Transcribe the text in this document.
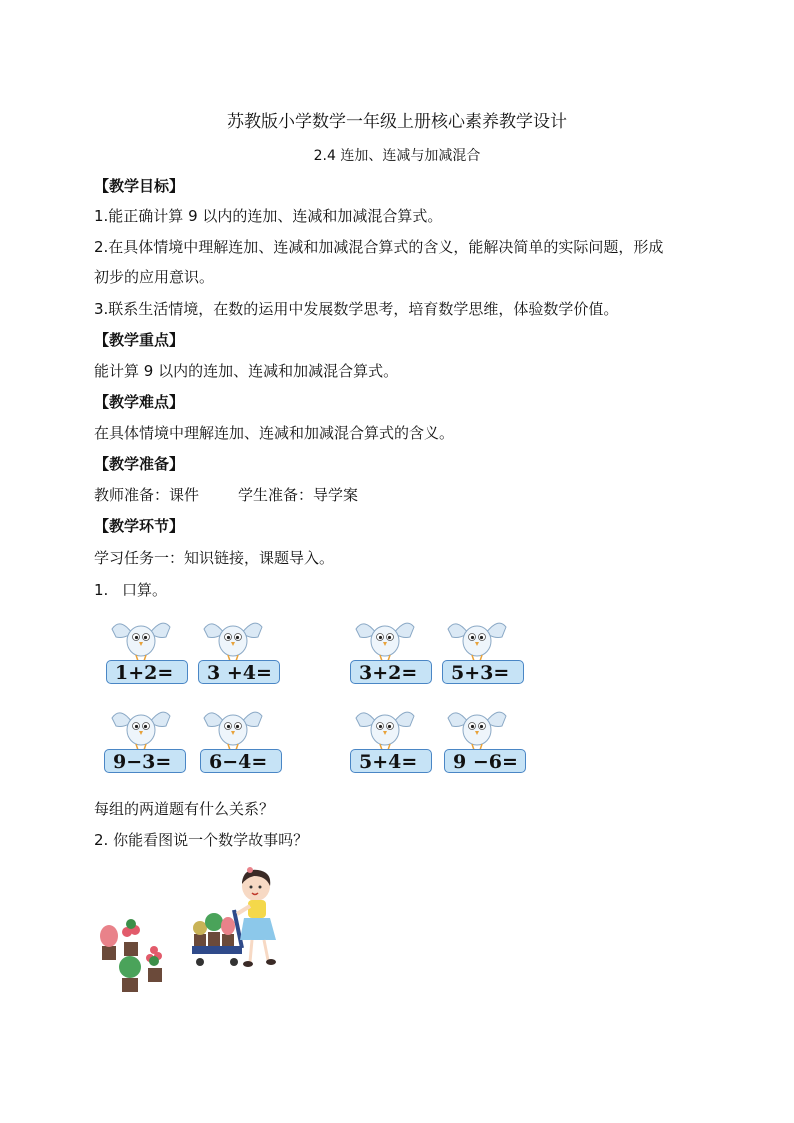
苏教版小学数学一年级上册核心素养教学设计
2.4 连加、连减与加减混合
【教学目标】
1.能正确计算 9 以内的连加、连减和加减混合算式。
2.在具体情境中理解连加、连减和加减混合算式的含义，能解决简单的实际问题，形成
初步的应用意识。
3.联系生活情境，在数的运用中发展数学思考，培育数学思维，体验数学价值。
【教学重点】
能计算 9 以内的连加、连减和加减混合算式。
【教学难点】
在具体情境中理解连加、连减和加减混合算式的含义。
【教学准备】
教师准备：课件	学生准备：导学案
【教学环节】
学习任务一：知识链接，课题导入。
1. 口算。
1+2=	3 +4=	3+2=	5+3=
9−3=	6−4=	5+4=	9 −6=
每组的两道题有什么关系？
2. 你能看图说一个数学故事吗？
